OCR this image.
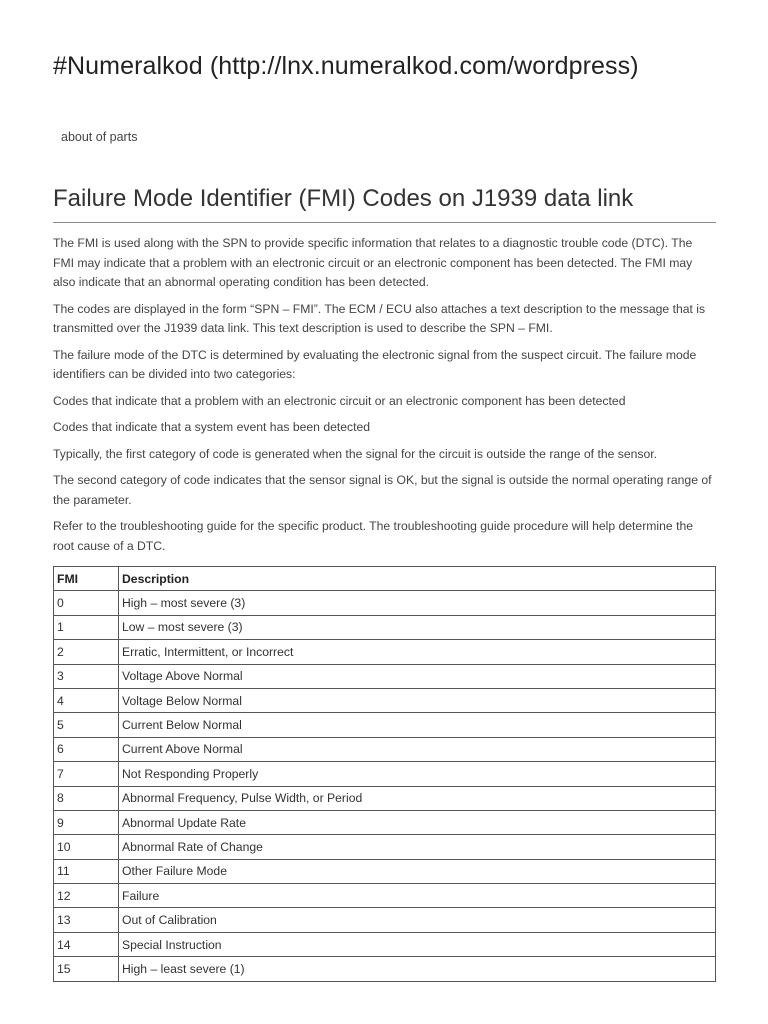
#Numeralkod (http://lnx.numeralkod.com/wordpress)
about of parts
Failure Mode Identifier (FMI) Codes on J1939 data link

The FMI is used along with the SPN to provide specific information that relates to a diagnostic trouble code (DTC). The FMI may indicate that a problem with an electronic circuit or an electronic component has been detected. The FMI may also indicate that an abnormal operating condition has been detected.

The codes are displayed in the form “SPN – FMI”. The ECM / ECU also attaches a text description to the message that is transmitted over the J1939 data link. This text description is used to describe the SPN – FMI.

The failure mode of the DTC is determined by evaluating the electronic signal from the suspect circuit. The failure mode identifiers can be divided into two categories:

Codes that indicate that a problem with an electronic circuit or an electronic component has been detected

Codes that indicate that a system event has been detected

Typically, the first category of code is generated when the signal for the circuit is outside the range of the sensor.

The second category of code indicates that the sensor signal is OK, but the signal is outside the normal operating range of the parameter.

Refer to the troubleshooting guide for the specific product. The troubleshooting guide procedure will help determine the root cause of a DTC.

FMI	Description
0	High – most severe (3)
1	Low – most severe (3)
2	Erratic, Intermittent, or Incorrect
3	Voltage Above Normal
4	Voltage Below Normal
5	Current Below Normal
6	Current Above Normal
7	Not Responding Properly
8	Abnormal Frequency, Pulse Width, or Period
9	Abnormal Update Rate
10	Abnormal Rate of Change
11	Other Failure Mode
12	Failure
13	Out of Calibration
14	Special Instruction
15	High – least severe (1)
